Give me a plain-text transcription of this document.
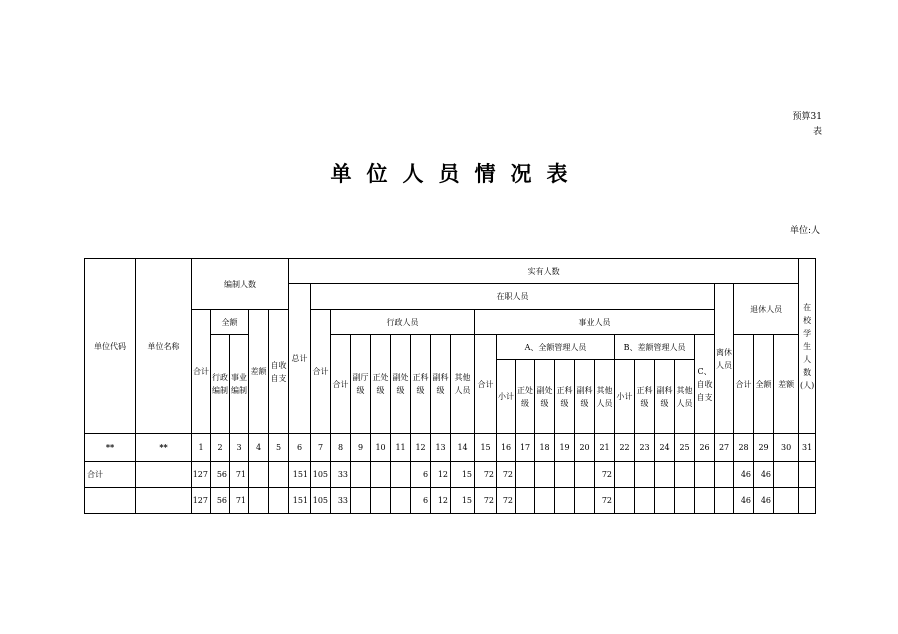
预算31
表
单位人员情况表
单位:人
单位代码	单位名称	编制人数					实有人数																									在校学生人数(人)
							总计	在职人员																				离休人员	退休人员			
		合计	全额		差额	自收自支		合计	行政人员							事业人员																
			行政编制	事业编制					合计	副厅级	正处级	副处级	正科级	副科级	其他人员	合计	A、全额管理人员						B、差额管理人员				C、自收自支		合计	全额	差额	
																	小计	正处级	副处级	正科级	副科级	其他人员	小计	正科级	副科级	其他人员						
**	**	1	2	3	4	5	6	7	8	9	10	11	12	13	14	15	16	17	18	19	20	21	22	23	24	25	26	27	28	29	30	31
合计		127	56	71			151	105	33				6	12	15	72	72					72							46	46		
		127	56	71			151	105	33				6	12	15	72	72					72							46	46		
